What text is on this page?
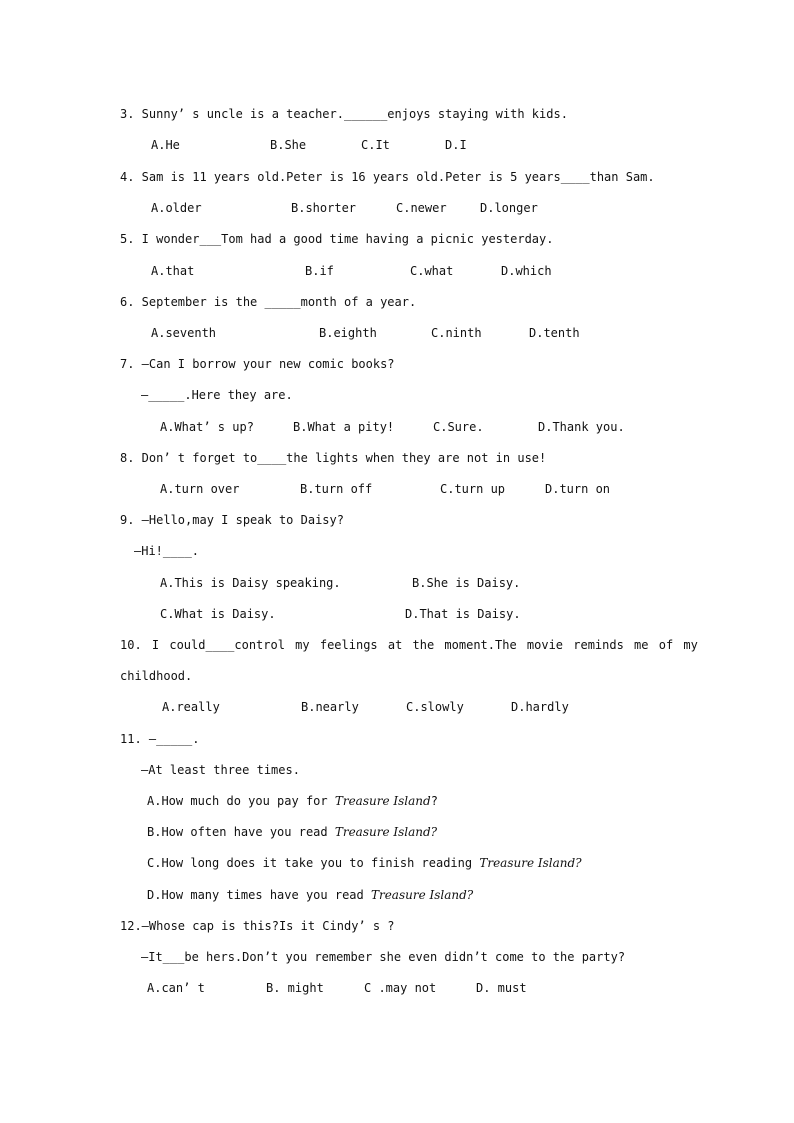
3. Sunny’ s uncle is a teacher.______enjoys staying with kids.
A.He	B.She	C.It	D.I
4. Sam is 11 years old.Peter is 16 years old.Peter is 5 years____than Sam.
A.older	B.shorter	C.newer	D.longer
5. I wonder___Tom had a good time having a picnic yesterday.
A.that	B.if	C.what	D.which
6. September is the _____month of a year.
A.seventh	B.eighth	C.ninth	D.tenth
7. —Can I borrow your new comic books?
—_____.Here they are.
A.What’ s up?	B.What a pity!	C.Sure.	D.Thank you.
8. Don’ t forget to____the lights when they are not in use!
A.turn over	B.turn off	C.turn up	D.turn on
9. —Hello,may I speak to Daisy?
—Hi!____.
A.This is Daisy speaking.	B.She is Daisy.
C.What is Daisy.	D.That is Daisy.
10. I could____control my feelings at the moment.The movie reminds me of my
childhood.
A.really	B.nearly	C.slowly	D.hardly
11. —_____.
—At least three times.
A.How much do you pay for Treasure Island?
B.How often have you read Treasure Island?
C.How long does it take you to finish reading Treasure Island?
D.How many times have you read Treasure Island?
12.—Whose cap is this?Is it Cindy’ s ?
—It___be hers.Don’t you remember she even didn’t come to the party?
A.can’ t	B. might	C .may not	D. must
